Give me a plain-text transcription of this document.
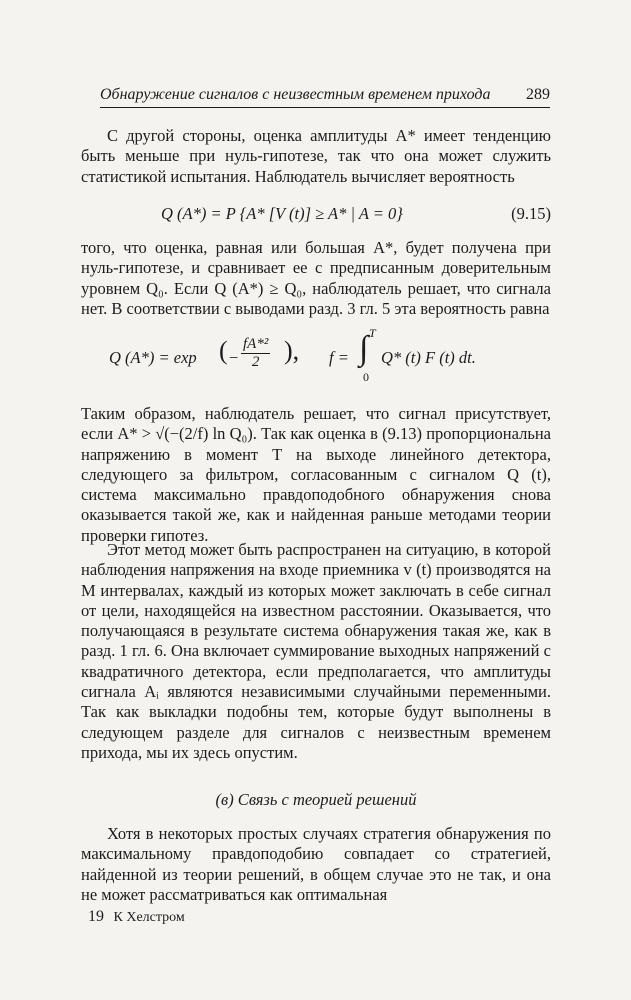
Обнаружение сигналов с неизвестным временем прихода 289

С другой стороны, оценка амплитуды A* имеет тенденцию быть меньше при нуль-гипотезе, так что она может служить статистикой испытания. Наблюдатель вычисляет вероятность

Q (A*) = P {A* [V (t)] ≥ A* | A = 0}	(9.15)

того, что оценка, равная или большая A*, будет получена при нуль-гипотезе, и сравнивает ее с предписанным доверительным уровнем Q₀. Если Q (A*) ≥ Q₀, наблюдатель решает, что сигнала нет. В соответствии с выводами разд. 3 гл. 5 эта вероятность равна

Q (A*) = exp ( − $\frac{\text{fA*²}}{2}$ ), f = ∫ T
0
Q* (t) F (t) dt.

Таким образом, наблюдатель решает, что сигнал присутствует, если A* > √(−(2/f) ln Q₀). Так как оценка в (9.13) пропорциональна напряжению в момент T на выходе линейного детектора, следующего за фильтром, согласованным с сигналом Q (t), система максимально правдоподобного обнаружения снова оказывается такой же, как и найденная раньше методами теории проверки гипотез.

Этот метод может быть распространен на ситуацию, в которой наблюдения напряжения на входе приемника v (t) производятся на M интервалах, каждый из которых может заключать в себе сигнал от цели, находящейся на известном расстоянии. Оказывается, что получающаяся в результате система обнаружения такая же, как в разд. 1 гл. 6. Она включает суммирование выходных напряжений с квадратичного детектора, если предполагается, что амплитуды сигнала Aᵢ являются независимыми случайными переменными. Так как выкладки подобны тем, которые будут выполнены в следующем разделе для сигналов с неизвестным временем прихода, мы их здесь опустим.

(в) Связь с теорией решений

Хотя в некоторых простых случаях стратегия обнаружения по максимальному правдоподобию совпадает со стратегией, найденной из теории решений, в общем случае это не так, и она не может рассматриваться как оптимальная

19 К Хелстром
